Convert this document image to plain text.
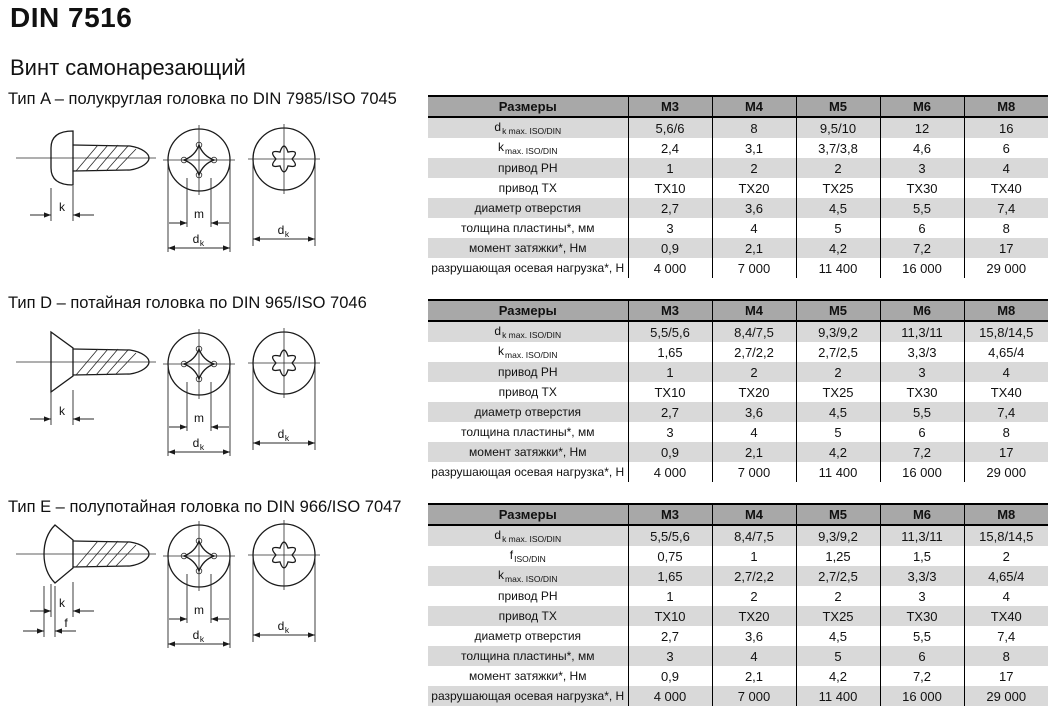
DIN 7516
Винт самонарезающий
Тип A – полукруглая головка по DIN 7985/ISO 7045
Тип D – потайная головка по DIN 965/ISO 7046
Тип E – полупотайная головка по DIN 966/ISO 7047
k	m
d k
d k
k	m
d k
d k
k
f
m
d k
d k
Размеры	M3	M4	M5	M6	M8
$d_{k max. ISO/DIN}$	5,6/6	8	9,5/10	12	16
$k_{max. ISO/DIN}$	2,4	3,1	3,7/3,8	4,6	6
привод PH	1	2	2	3	4
привод TX	TX10	TX20	TX25	TX30	TX40
диаметр отверстия	2,7	3,6	4,5	5,5	7,4
толщина пластины*, мм	3	4	5	6	8
момент затяжки*, Нм	0,9	2,1	4,2	7,2	17
разрушающая осевая нагрузка*, Н	4 000	7 000	11 400	16 000	29 000
Размеры	M3	M4	M5	M6	M8
$d_{k max. ISO/DIN}$	5,5/5,6	8,4/7,5	9,3/9,2	11,3/11	15,8/14,5
$k_{max. ISO/DIN}$	1,65	2,7/2,2	2,7/2,5	3,3/3	4,65/4
привод PH	1	2	2	3	4
привод TX	TX10	TX20	TX25	TX30	TX40
диаметр отверстия	2,7	3,6	4,5	5,5	7,4
толщина пластины*, мм	3	4	5	6	8
момент затяжки*, Нм	0,9	2,1	4,2	7,2	17
разрушающая осевая нагрузка*, Н	4 000	7 000	11 400	16 000	29 000
Размеры	M3	M4	M5	M6	M8
$d_{k max. ISO/DIN}$	5,5/5,6	8,4/7,5	9,3/9,2	11,3/11	15,8/14,5
$f_{ISO/DIN}$	0,75	1	1,25	1,5	2
$k_{max. ISO/DIN}$	1,65	2,7/2,2	2,7/2,5	3,3/3	4,65/4
привод PH	1	2	2	3	4
привод TX	TX10	TX20	TX25	TX30	TX40
диаметр отверстия	2,7	3,6	4,5	5,5	7,4
толщина пластины*, мм	3	4	5	6	8
момент затяжки*, Нм	0,9	2,1	4,2	7,2	17
разрушающая осевая нагрузка*, Н	4 000	7 000	11 400	16 000	29 000
